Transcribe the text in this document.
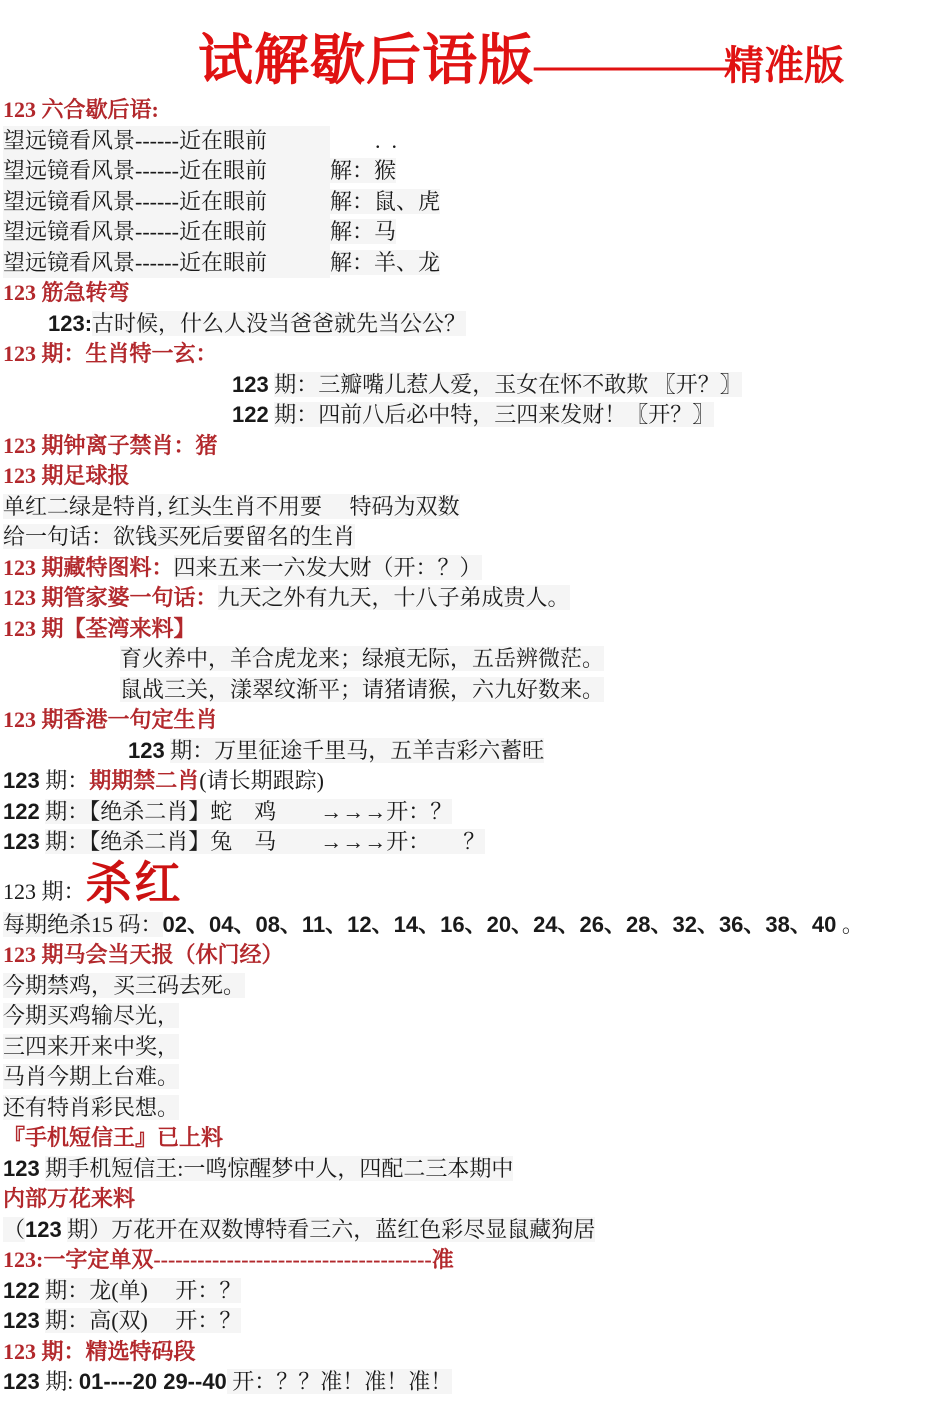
试解歇后语版—————精准版
123 六合歇后语:
望远镜看风景------近在眼前	.  .
望远镜看风景------近在眼前	解：猴
望远镜看风景------近在眼前	解：鼠、虎
望远镜看风景------近在眼前	解：马
望远镜看风景------近在眼前	解：羊、龙
123 筋急转弯
123:古时候，什么人没当爸爸就先当公公？
123 期：生肖特一玄：
123 期：三瓣嘴儿惹人爱，玉女在怀不敢欺 〖开？〗
122 期：四前八后必中特，三四来发财！〖开？〗
123 期钟离子禁肖：猪
123 期足球报
单红二绿是特肖, 红头生肖不用要　 特码为双数
给一句话：欲钱买死后要留名的生肖
123 期藏特图料：四来五来一六发大财（开：？）
123 期管家婆一句话：九天之外有九天，十八子弟成贵人。
123 期【荃湾来料】
育火养中，羊合虎龙来；绿痕无际，五岳辨微茫。
鼠战三关，漾翠纹渐平；请猪请猴，六九好数来。
123 期香港一句定生肖
123 期：万里征途千里马，五羊吉彩六蓄旺
123 期：期期禁二肖(请长期跟踪)
122 期：【绝杀二肖】蛇　鸡　　→→→开：？
123 期：【绝杀二肖】兔　马　　→→→开：　　？
123 期：杀红
每期绝杀15 码：02、04、08、11、12、14、16、20、24、26、28、32、36、38、40 。
123 期马会当天报（休门经）
今期禁鸡，买三码去死。
今期买鸡输尽光，
三四来开来中奖，
马肖今期上台难。
还有特肖彩民想。
『手机短信王』已上料
123 期手机短信王:一鸣惊醒梦中人，四配二三本期中
内部万花来料
（123 期）万花开在双数博特看三六，蓝红色彩尽显鼠藏狗居
123:一字定单双--------------------------------------准
122 期：龙(单)　 开：？
123 期：高(双)　 开：？
123 期：精选特码段
123 期: 01----20 29--40 开：？？准！准！准！
